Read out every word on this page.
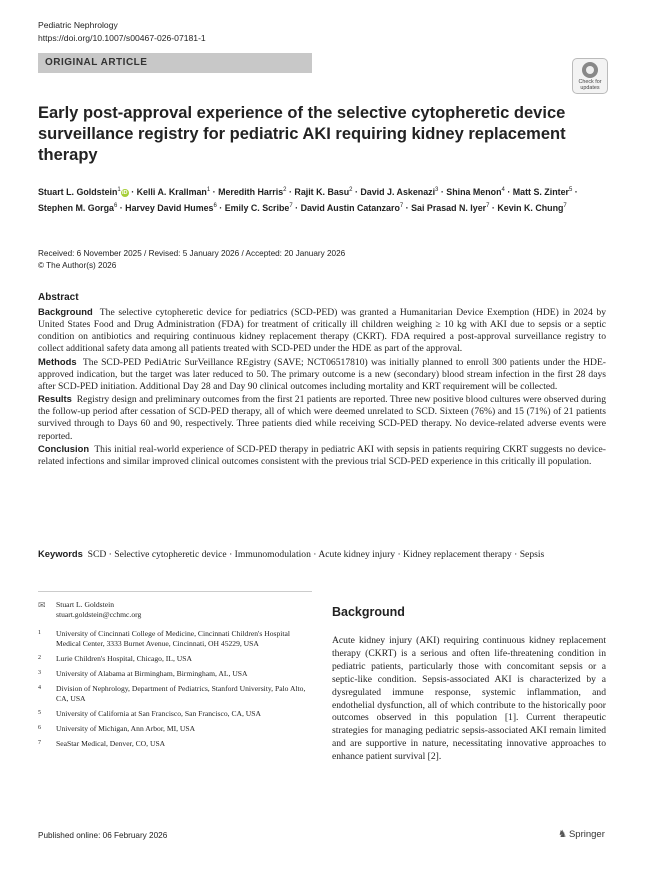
Pediatric Nephrology
https://doi.org/10.1007/s00467-026-07181-1
ORIGINAL ARTICLE
Check for updates
Early post-approval experience of the selective cytopheretic device surveillance registry for pediatric AKI requiring kidney replacement therapy
Stuart L. Goldstein$^1$iD · Kelli A. Krallman$^1$ · Meredith Harris$^2$ · Rajit K. Basu$^2$ · David J. Askenazi$^3$ · Shina Menon$^4$ · Matt S. Zinter$^5$ · Stephen M. Gorga$^6$ · Harvey David Humes$^6$ · Emily C. Scribe$^7$ · David Austin Catanzaro$^7$ · Sai Prasad N. Iyer$^7$ · Kevin K. Chung$^7$
Received: 6 November 2025 / Revised: 5 January 2026 / Accepted: 20 January 2026
© The Author(s) 2026
Abstract

Background The selective cytopheretic device for pediatrics (SCD-PED) was granted a Humanitarian Device Exemption (HDE) in 2024 by United States Food and Drug Administration (FDA) for treatment of critically ill children weighing ≥ 10 kg with AKI due to sepsis or a septic condition on antibiotics and requiring continuous kidney replacement therapy (CKRT). FDA required a post-approval surveillance registry to collect additional safety data among all patients treated with SCD-PED under the HDE as part of the approval.

Methods The SCD-PED PediAtric SurVeillance REgistry (SAVE; NCT06517810) was initially planned to enroll 300 patients under the HDE-approved indication, but the target was later reduced to 50. The primary outcome is a new (secondary) blood stream infection in the first 28 days after SCD-PED initiation. Additional Day 28 and Day 90 clinical outcomes including mortality and KRT requirement will be collected.

Results Registry design and preliminary outcomes from the first 21 patients are reported. Three new positive blood cultures were observed during the follow-up period after cessation of SCD-PED therapy, all of which were deemed unrelated to SCD. Sixteen (76%) and 15 (71%) of 21 patients survived through to Days 60 and 90, respectively. Three patients died while receiving SCD-PED therapy. No device-related adverse events were reported.

Conclusion This initial real-world experience of SCD-PED therapy in pediatric AKI with sepsis in patients requiring CKRT suggests no device-related infections and similar improved clinical outcomes consistent with the previous trial SCD-PED experience in this critically ill population.

Keywords SCD · Selective cytopheretic device · Immunomodulation · Acute kidney injury · Kidney replacement therapy · Sepsis
✉	Stuart L. Goldstein
stuart.goldstein@cchmc.org
1	University of Cincinnati College of Medicine, Cincinnati Children's Hospital Medical Center, 3333 Burnet Avenue, Cincinnati, OH 45229, USA
2	Lurie Children's Hospital, Chicago, IL, USA
3	University of Alabama at Birmingham, Birmingham, AL, USA
4	Division of Nephrology, Department of Pediatrics, Stanford University, Palo Alto, CA, USA
5	University of California at San Francisco, San Francisco, CA, USA
6	University of Michigan, Ann Arbor, MI, USA
7	SeaStar Medical, Denver, CO, USA
Background

Acute kidney injury (AKI) requiring continuous kidney replacement therapy (CKRT) is a serious and often life-threatening condition in pediatric patients, particularly those with concomitant sepsis or a septic-like condition. Sepsis-associated AKI is characterized by a dysregulated immune response, systemic inflammation, and endothelial dysfunction, all of which contribute to the historically poor outcomes observed in this population [1]. Current therapeutic strategies for managing pediatric sepsis-associated AKI remain limited and are supportive in nature, necessitating innovative approaches to enhance patient survival [2].

Published online: 06 February 2026	♞ Springer
